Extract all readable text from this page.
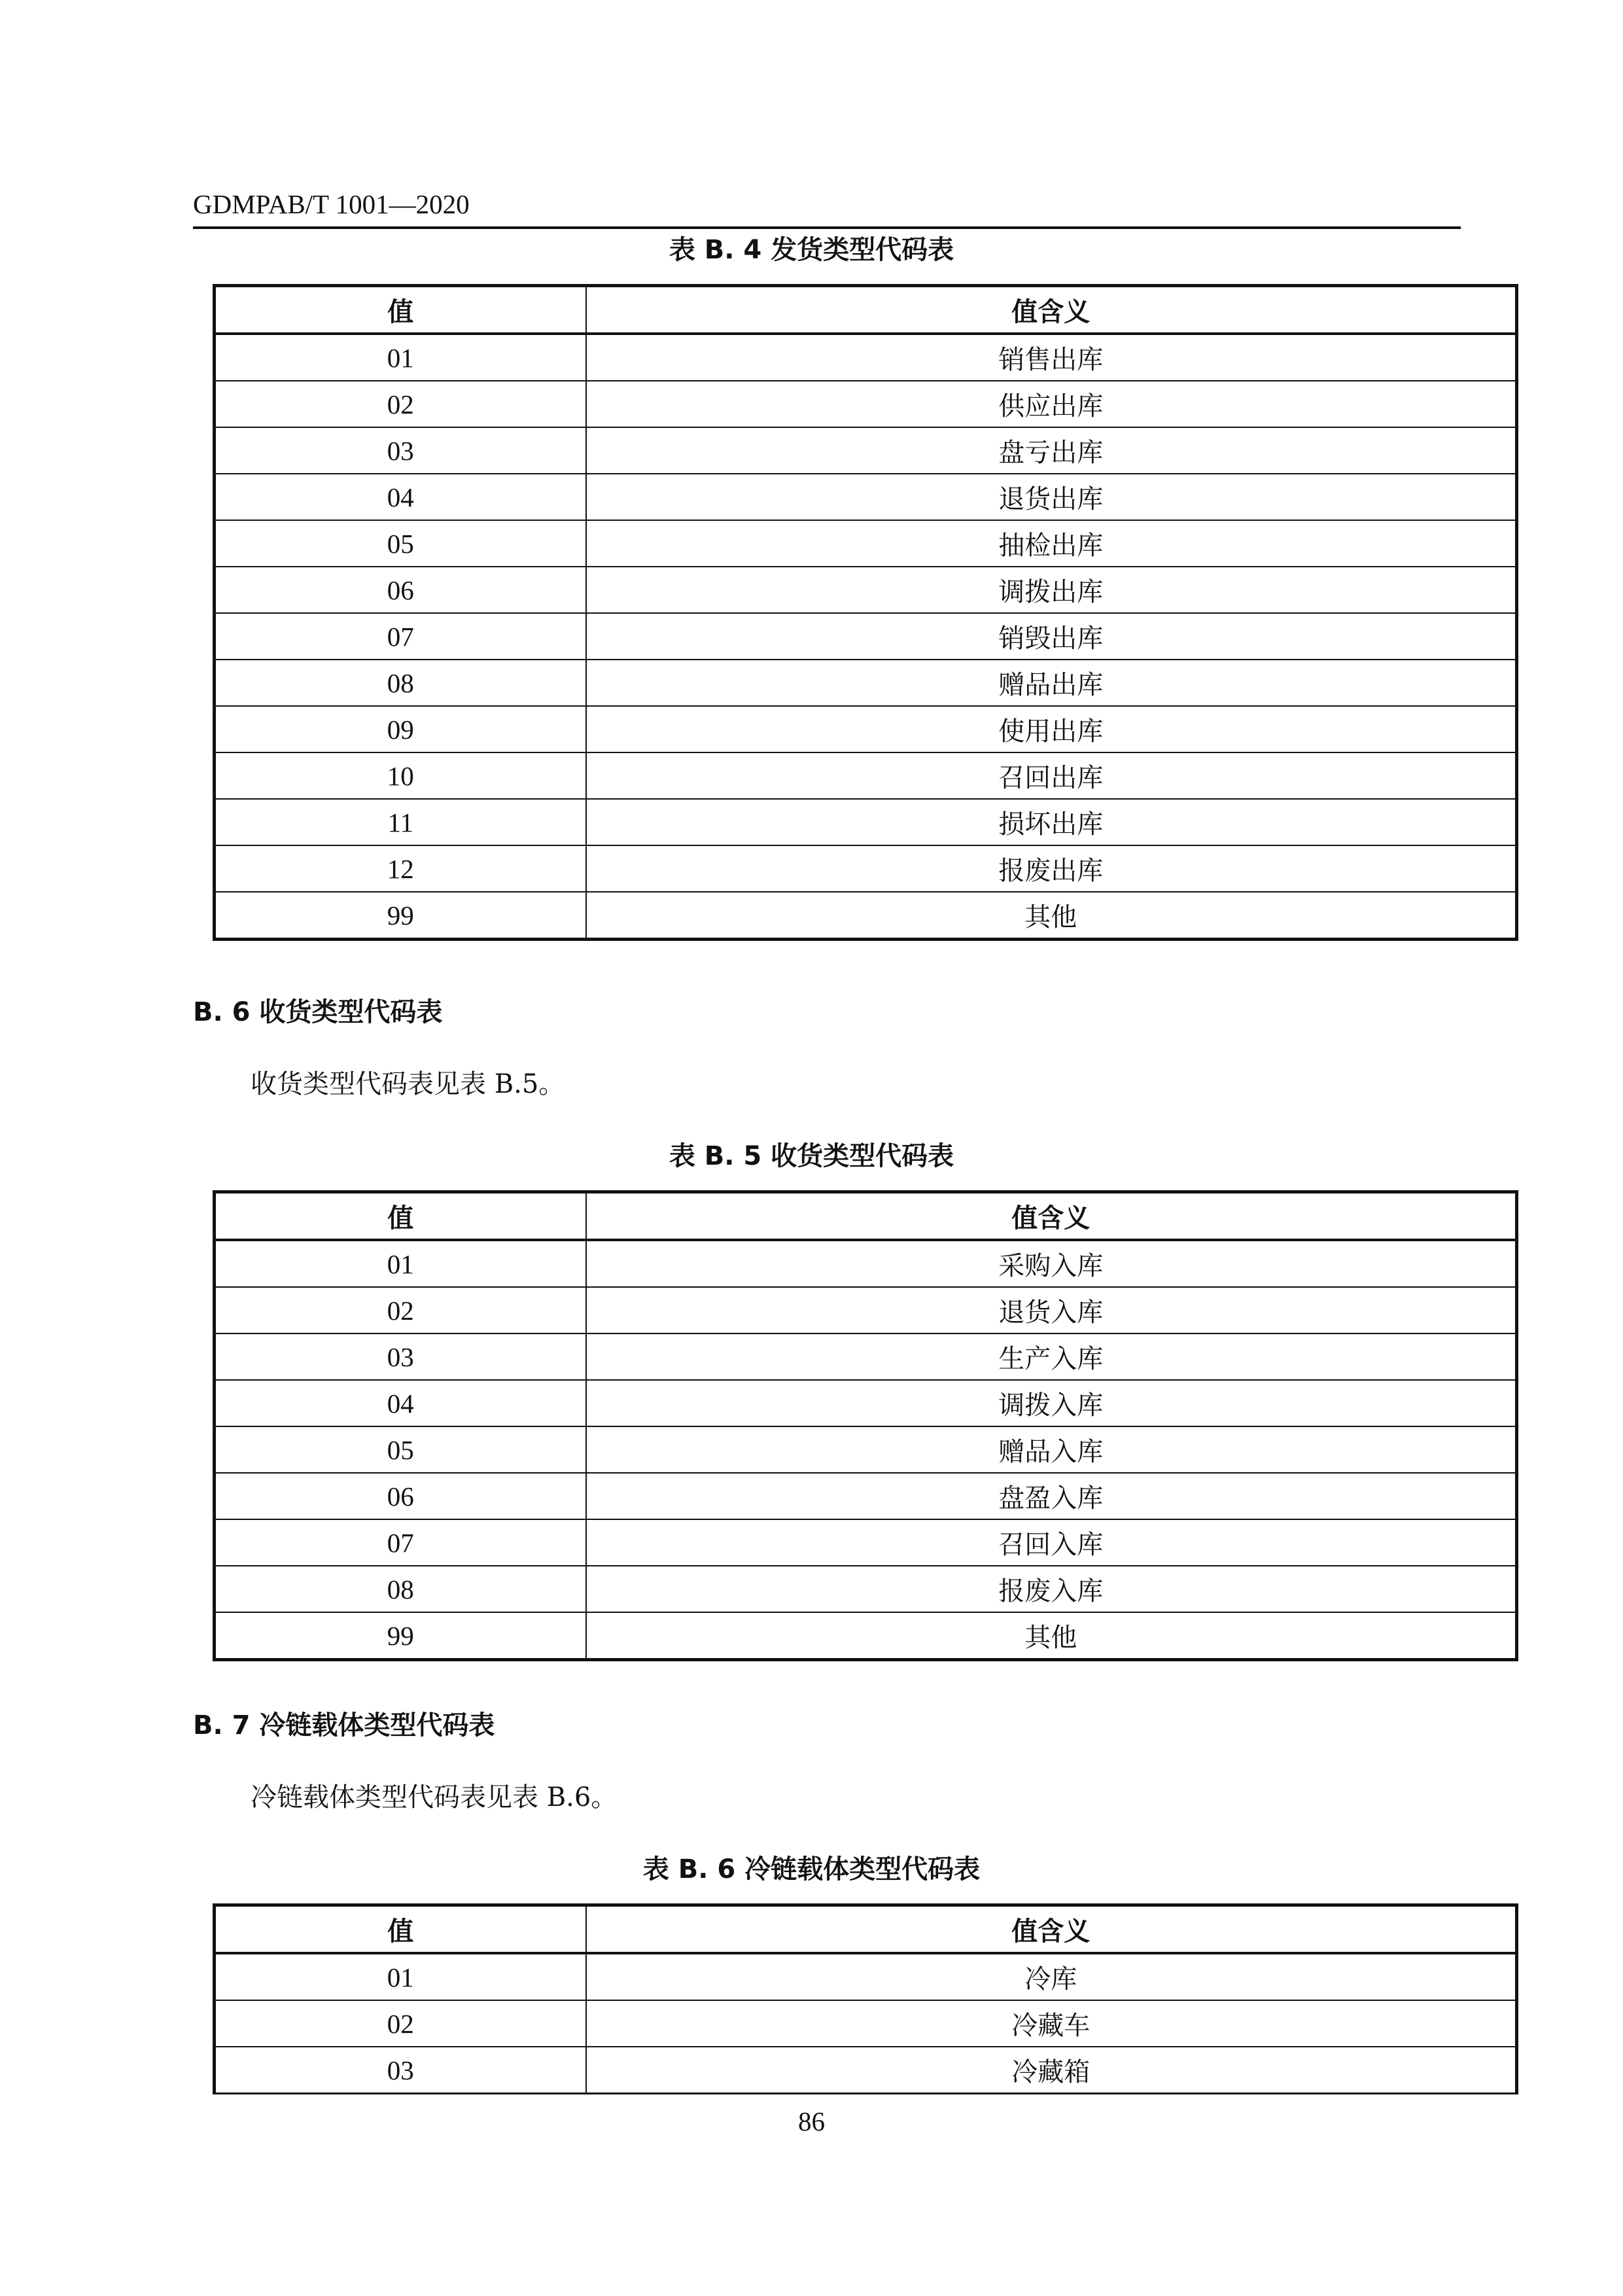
GDMPAB/T 1001—2020
表 B. 4 发货类型代码表
值	值含义
01	销售出库
02	供应出库
03	盘亏出库
04	退货出库
05	抽检出库
06	调拨出库
07	销毁出库
08	赠品出库
09	使用出库
10	召回出库
11	损坏出库
12	报废出库
99	其他
B. 6 收货类型代码表
收货类型代码表见表 B.5。
表 B. 5 收货类型代码表
值	值含义
01	采购入库
02	退货入库
03	生产入库
04	调拨入库
05	赠品入库
06	盘盈入库
07	召回入库
08	报废入库
99	其他
B. 7 冷链载体类型代码表
冷链载体类型代码表见表 B.6。
表 B. 6 冷链载体类型代码表
值	值含义
01	冷库
02	冷藏车
03	冷藏箱
86
